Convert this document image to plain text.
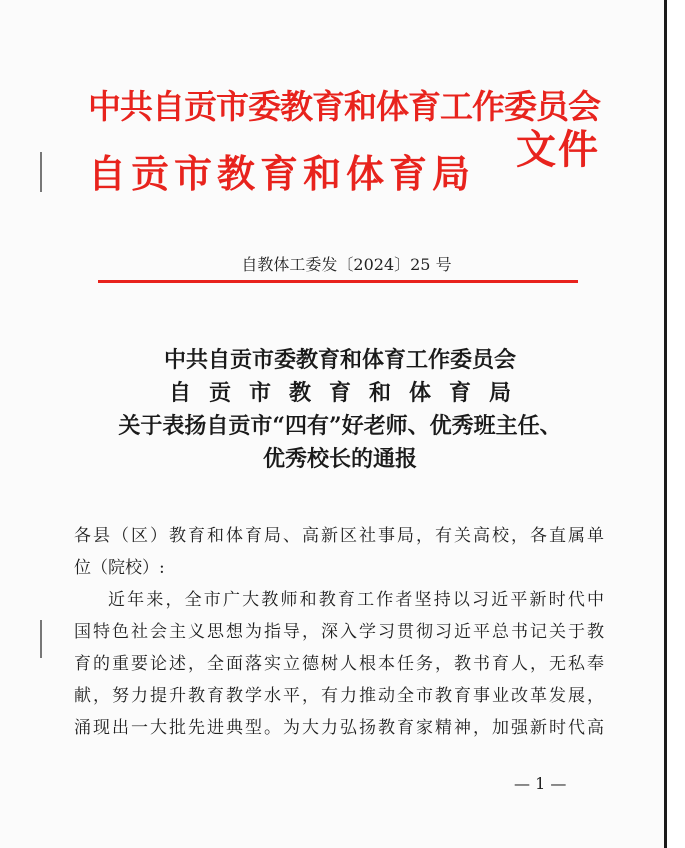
中共自贡市委教育和体育工作委员会
自贡市教育和体育局
文件
自教体工委发〔2024〕25 号
中共自贡市委教育和体育工作委员会
自贡市教育和体育局
关于表扬自贡市“四有”好老师、优秀班主任、
优秀校长的通报
各县（区）教育和体育局、高新区社事局，有关高校，各直属单
位（院校）:
近年来，全市广大教师和教育工作者坚持以习近平新时代中
国特色社会主义思想为指导，深入学习贯彻习近平总书记关于教
育的重要论述，全面落实立德树人根本任务，教书育人，无私奉
献，努力提升教育教学水平，有力推动全市教育事业改革发展，
涌现出一大批先进典型。为大力弘扬教育家精神，加强新时代高
— 1 —
